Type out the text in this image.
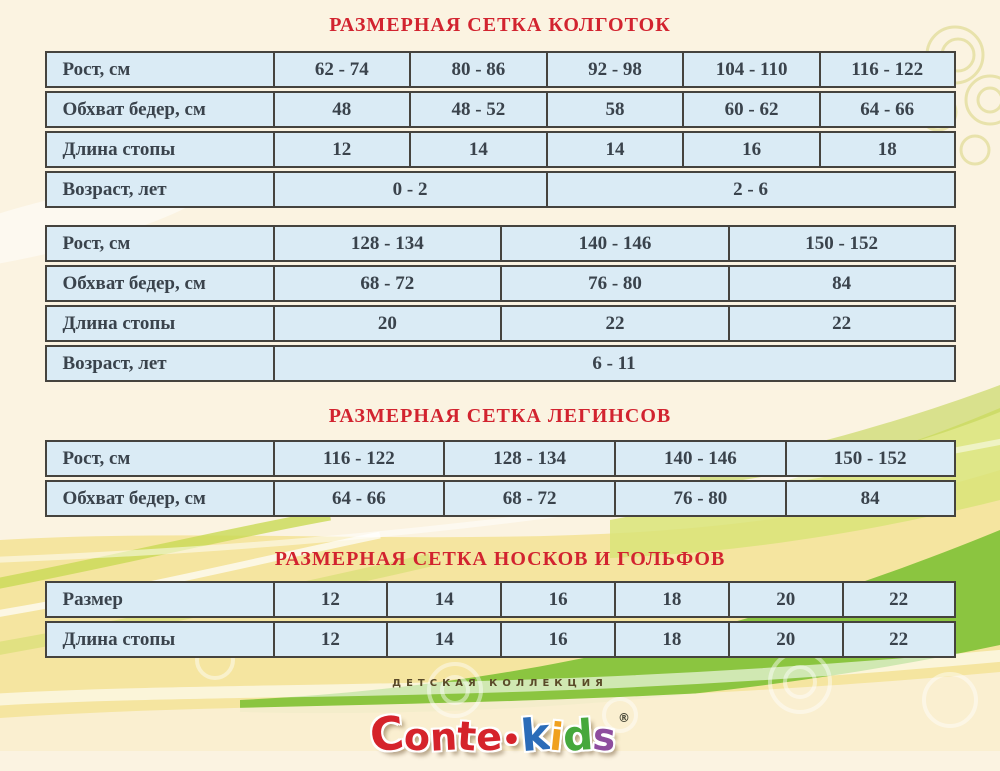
РАЗМЕРНАЯ СЕТКА КОЛГОТОК
Рост, см	62 - 74	80 - 86	92 - 98	104 - 110	116 - 122
Обхват бедер, см	48	48 - 52	58	60 - 62	64 - 66
Длина стопы	12	14	14	16	18
Возраст, лет	0 - 2		2 - 6		
Рост, см	128 - 134	140 - 146	150 - 152
Обхват бедер, см	68 - 72	76 - 80	84
Длина стопы	20	22	22
Возраст, лет	6 - 11		
РАЗМЕРНАЯ СЕТКА ЛЕГИНСОВ
Рост, см	116 - 122	128 - 134	140 - 146	150 - 152
Обхват бедер, см	64 - 66	68 - 72	76 - 80	84
РАЗМЕРНАЯ СЕТКА НОСКОВ И ГОЛЬФОВ
Размер	12	14	16	18	20	22
Длина стопы	12	14	16	18	20	22
ДЕТСКАЯ КОЛЛЕКЦИЯ
Conte•kids®
